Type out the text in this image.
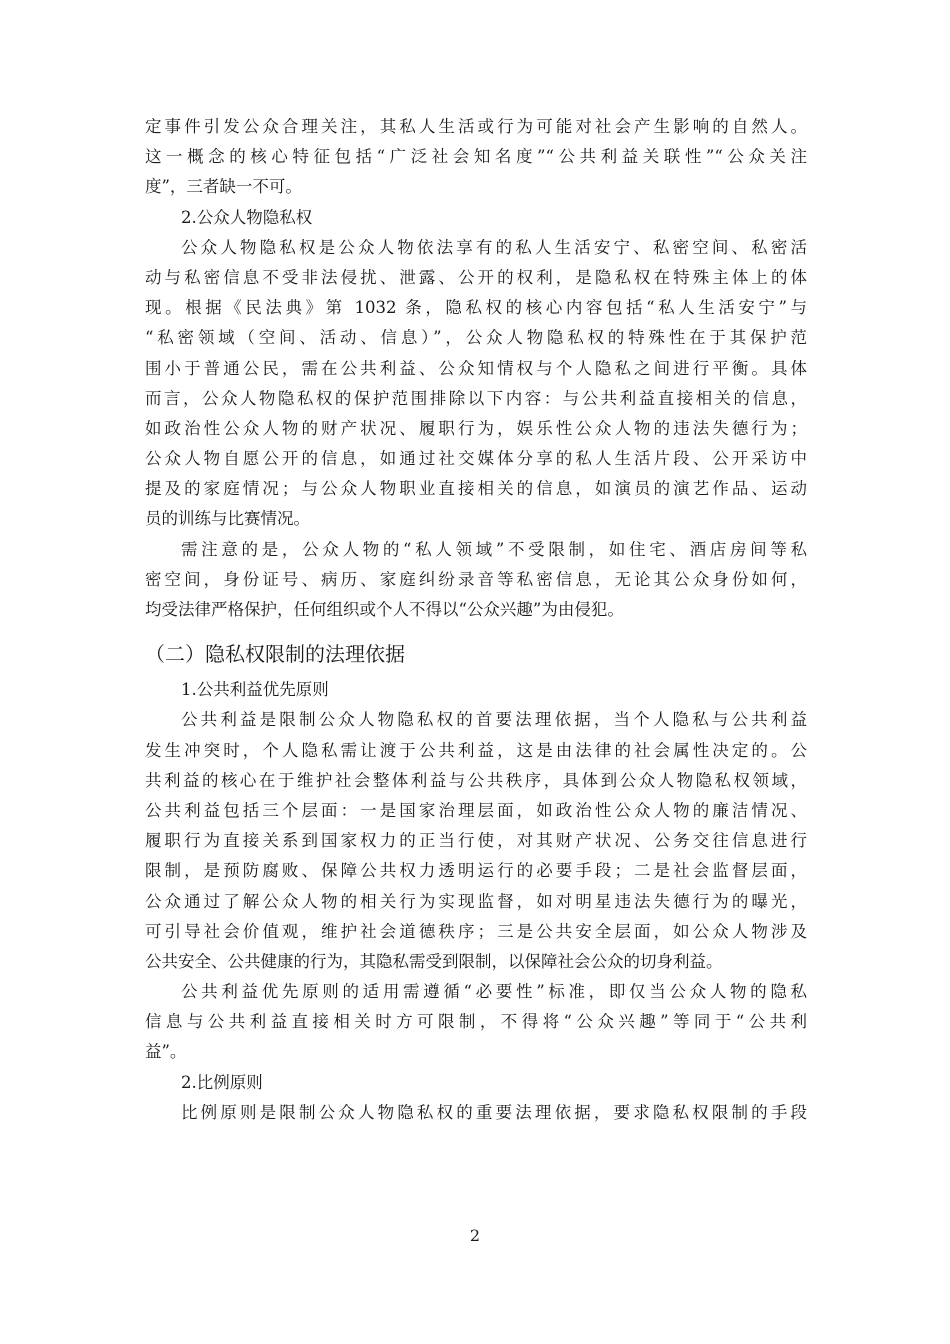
定事件引发公众合理关注，其私人生活或行为可能对社会产生影响的自然人。
这一概念的核心特征包括“广泛社会知名度”“公共利益关联性”“公众关注
度”，三者缺一不可。
2.公众人物隐私权
公众人物隐私权是公众人物依法享有的私人生活安宁、私密空间、私密活
动与私密信息不受非法侵扰、泄露、公开的权利，是隐私权在特殊主体上的体
现。根据《民法典》第 1032 条，隐私权的核心内容包括“私人生活安宁”与
“私密领域（空间、活动、信息）”，公众人物隐私权的特殊性在于其保护范
围小于普通公民，需在公共利益、公众知情权与个人隐私之间进行平衡。具体
而言，公众人物隐私权的保护范围排除以下内容：与公共利益直接相关的信息，
如政治性公众人物的财产状况、履职行为，娱乐性公众人物的违法失德行为；
公众人物自愿公开的信息，如通过社交媒体分享的私人生活片段、公开采访中
提及的家庭情况；与公众人物职业直接相关的信息，如演员的演艺作品、运动
员的训练与比赛情况。
需注意的是，公众人物的“私人领域”不受限制，如住宅、酒店房间等私
密空间，身份证号、病历、家庭纠纷录音等私密信息，无论其公众身份如何，
均受法律严格保护，任何组织或个人不得以“公众兴趣”为由侵犯。
（二）隐私权限制的法理依据
1.公共利益优先原则
公共利益是限制公众人物隐私权的首要法理依据，当个人隐私与公共利益
发生冲突时，个人隐私需让渡于公共利益，这是由法律的社会属性决定的。公
共利益的核心在于维护社会整体利益与公共秩序，具体到公众人物隐私权领域，
公共利益包括三个层面：一是国家治理层面，如政治性公众人物的廉洁情况、
履职行为直接关系到国家权力的正当行使，对其财产状况、公务交往信息进行
限制，是预防腐败、保障公共权力透明运行的必要手段；二是社会监督层面，
公众通过了解公众人物的相关行为实现监督，如对明星违法失德行为的曝光，
可引导社会价值观，维护社会道德秩序；三是公共安全层面，如公众人物涉及
公共安全、公共健康的行为，其隐私需受到限制，以保障社会公众的切身利益。
公共利益优先原则的适用需遵循“必要性”标准，即仅当公众人物的隐私
信息与公共利益直接相关时方可限制，不得将“公众兴趣”等同于“公共利
益”。
2.比例原则
比例原则是限制公众人物隐私权的重要法理依据，要求隐私权限制的手段
2
